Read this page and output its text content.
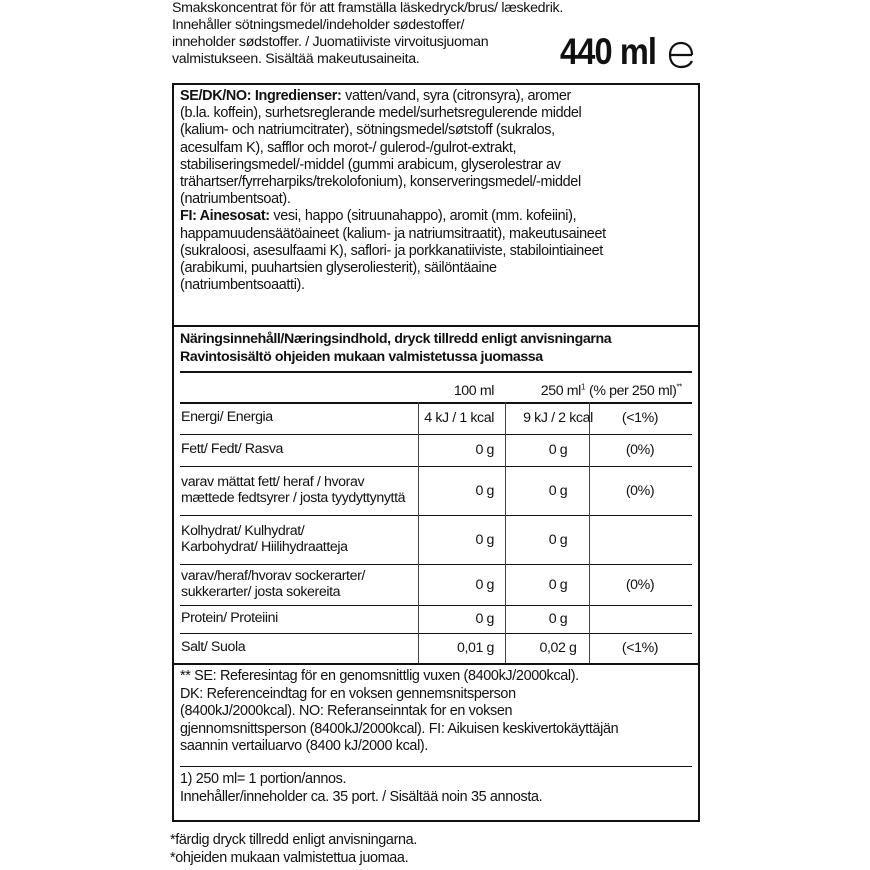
Smakskoncentrat för för att framställa läskedryck/brus/ læskedrik.
Innehåller sötningsmedel/indeholder sødestoffer/
inneholder sødstoffer. / Juomatiiviste virvoitusjuoman
valmistukseen. Sisältää makeutusaineita.	440 ml
SE/DK/NO: Ingredienser: vatten/vand, syra (citronsyra), aromer
(b.la. koffein), surhetsreglerande medel/surhetsregulerende middel
(kalium- och natriumcitrater), sötningsmedel/søtstoff (sukralos,
acesulfam K), safflor och morot-/ gulerod-/gulrot-extrakt,
stabiliseringsmedel/-middel (gummi arabicum, glyserolestrar av
trähartser/fyrreharpiks/trekolofonium), konserveringsmedel/-middel
(natriumbentsoat).
FI: Ainesosat: vesi, happo (sitruunahappo), aromit (mm. kofeiini),
happamuudensäätöaineet (kalium- ja natriumsitraatit), makeutusaineet
(sukraloosi, asesulfaami K), saflori- ja porkkanatiiviste, stabilointiaineet
(arabikumi, puuhartsien glyseroliesterit), säilöntäaine
(natriumbentsoaatti).
Näringsinnehåll/Næringsindhold, dryck tillredd enligt anvisningarna
Ravintosisältö ohjeiden mukaan valmistetussa juomassa
100 ml	250 $ml^1$ (% per 250 ml)**
Energi/ Energia	4 kJ / 1 kcal	9 kJ / 2 kcal	(<1%)
Fett/ Fedt/ Rasva	0 g	0 g	(0%)
varav mättat fett/ heraf / hvorav
mættede fedtsyrer / josta tyydyttynyttä	0 g	0 g	(0%)
Kolhydrat/ Kulhydrat/
Karbohydrat/ Hiilihydraatteja	0 g	0 g
varav/heraf/hvorav sockerarter/
sukkerarter/ josta sokereita	0 g	0 g	(0%)
Protein/ Proteiini	0 g	0 g
Salt/ Suola	0,01 g	0,02 g	(<1%)
** SE: Referesintag för en genomsnittlig vuxen (8400kJ/2000kcal).
DK: Referenceindtag for en voksen gennemsnitsperson
(8400kJ/2000kcal). NO: Referanseinntak for en voksen
gjennomsnittsperson (8400kJ/2000kcal). FI: Aikuisen keskivertokäyttäjän
saannin vertailuarvo (8400 kJ/2000 kcal).
1) 250 ml= 1 portion/annos.
Innehåller/inneholder ca. 35 port. / Sisältää noin 35 annosta.
*färdig dryck tillredd enligt anvisningarna.
*ohjeiden mukaan valmistettua juomaa.
